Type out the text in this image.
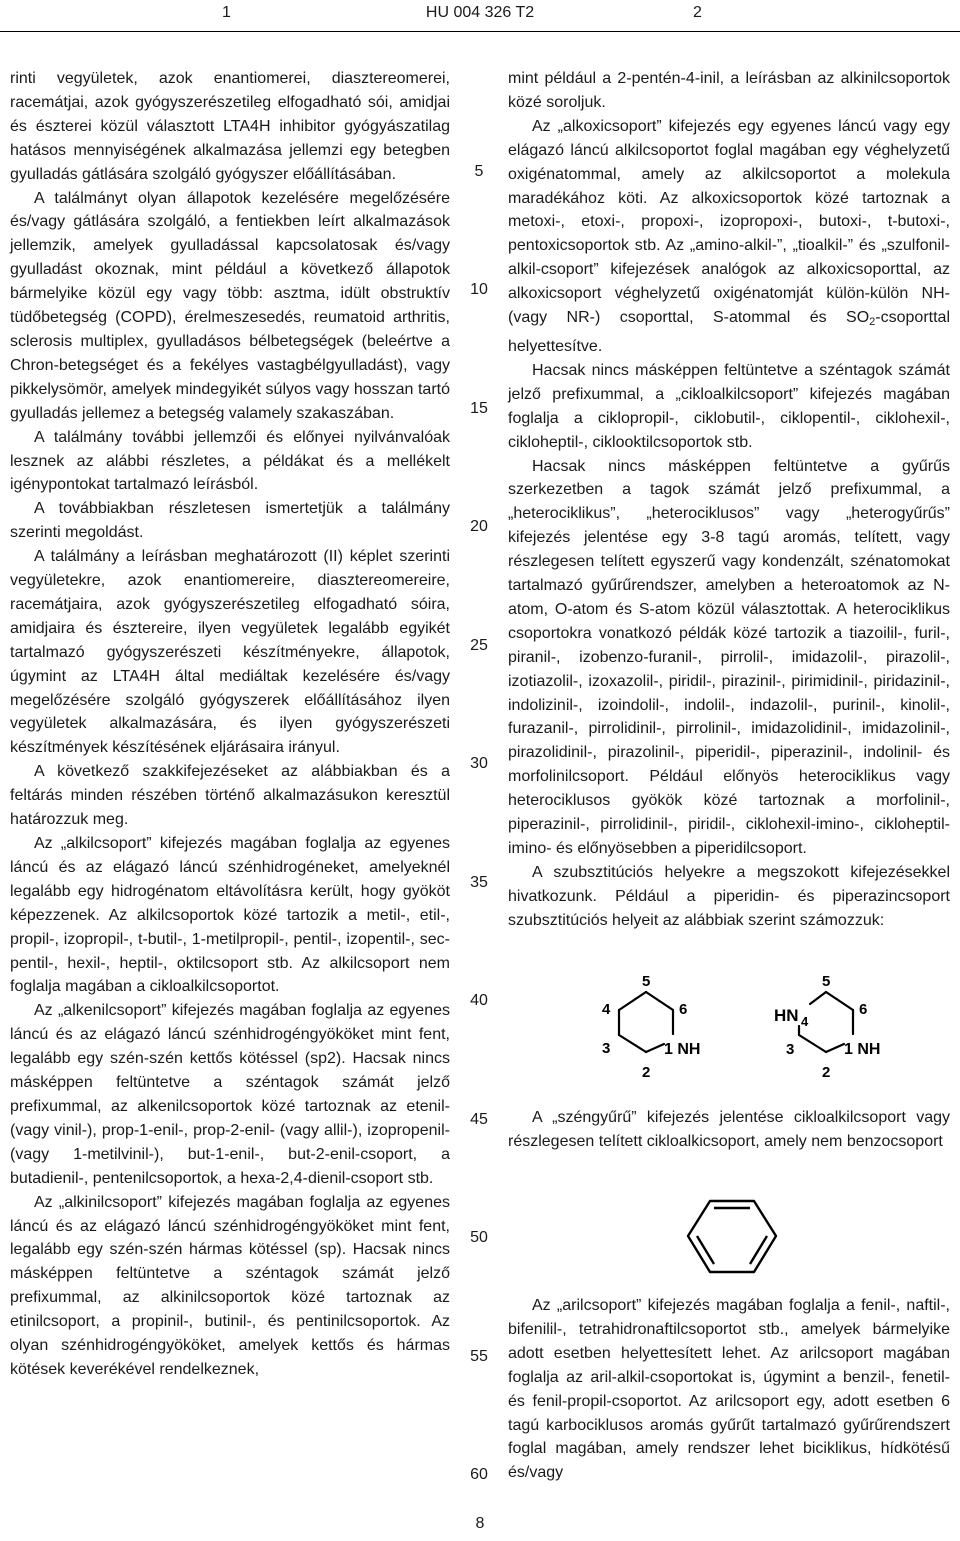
1	HU 004 326 T2	2

rinti vegyületek, azok enantiomerei, diasztereomerei, racemátjai, azok gyógyszerészetileg elfogadható sói, amidjai és észterei közül választott LTA4H inhibitor gyógyászatilag hatásos mennyiségének alkalmazása jellemzi egy betegben gyulladás gátlására szolgáló gyógyszer előállításában.

A találmányt olyan állapotok kezelésére megelőzésére és/vagy gátlására szolgáló, a fentiekben leírt alkalmazások jellemzik, amelyek gyulladással kapcsolatosak és/vagy gyulladást okoznak, mint például a következő állapotok bármelyike közül egy vagy több: asztma, idült obstruktív tüdőbetegség (COPD), érelmeszesedés, reumatoid arthritis, sclerosis multiplex, gyulladásos bélbetegségek (beleértve a Chron-betegséget és a fekélyes vastagbélgyulladást), vagy pikkelysömör, amelyek mindegyikét súlyos vagy hosszan tartó gyulladás jellemez a betegség valamely szakaszában.

A találmány további jellemzői és előnyei nyilvánvalóak lesznek az alábbi részletes, a példákat és a mellékelt igénypontokat tartalmazó leírásból.

A továbbiakban részletesen ismertetjük a találmány szerinti megoldást.

A találmány a leírásban meghatározott (II) képlet szerinti vegyületekre, azok enantiomereire, diasztereomereire, racemátjaira, azok gyógyszerészetileg elfogadható sóira, amidjaira és észtereire, ilyen vegyületek legalább egyikét tartalmazó gyógyszerészeti készítményekre, állapotok, úgymint az LTA4H által mediáltak kezelésére és/vagy megelőzésére szolgáló gyógyszerek előállításához ilyen vegyületek alkalmazására, és ilyen gyógyszerészeti készítmények készítésének eljárásaira irányul.

A következő szakkifejezéseket az alábbiakban és a feltárás minden részében történő alkalmazásukon keresztül határozzuk meg.

Az „alkilcsoport” kifejezés magában foglalja az egyenes láncú és az elágazó láncú szénhidrogéneket, amelyeknél legalább egy hidrogénatom eltávolításra került, hogy gyököt képezzenek. Az alkilcsoportok közé tartozik a metil-, etil-, propil-, izopropil-, t-butil-, 1-metilpropil-, pentil-, izopentil-, sec-pentil-, hexil-, heptil-, oktilcsoport stb. Az alkilcsoport nem foglalja magában a cikloalkilcsoportot.

Az „alkenilcsoport” kifejezés magában foglalja az egyenes láncú és az elágazó láncú szénhidrogéngyököket mint fent, legalább egy szén-szén kettős kötéssel (sp2). Hacsak nincs másképpen feltüntetve a széntagok számát jelző prefixummal, az alkenilcsoportok közé tartoznak az etenil- (vagy vinil-), prop-1-enil-, prop-2-enil- (vagy allil-), izopropenil- (vagy 1-metilvinil-), but-1-enil-, but-2-enil-csoport, a butadienil-, pentenilcsoportok, a hexa-2,4-dienil-csoport stb.

Az „alkinilcsoport” kifejezés magában foglalja az egyenes láncú és az elágazó láncú szénhidrogéngyököket mint fent, legalább egy szén-szén hármas kötéssel (sp). Hacsak nincs másképpen feltüntetve a széntagok számát jelző prefixummal, az alkinilcsoportok közé tartoznak az etinilcsoport, a propinil-, butinil-, és pentinilcsoportok. Az olyan szénhidrogéngyököket, amelyek kettős és hármas kötések keverékével rendelkeznek,

5
10
15
20
25
30
35
40
45
50
55
60

mint például a 2-pentén-4-inil, a leírásban az alkinilcsoportok közé soroljuk.

Az „alkoxicsoport” kifejezés egy egyenes láncú vagy egy elágazó láncú alkilcsoportot foglal magában egy véghelyzetű oxigénatommal, amely az alkilcsoportot a molekula maradékához köti. Az alkoxicsoportok közé tartoznak a metoxi-, etoxi-, propoxi-, izopropoxi-, butoxi-, t-butoxi-, pentoxicsoportok stb. Az „amino-alkil-”, „tioalkil-” és „szulfonil-alkil-csoport” kifejezések analógok az alkoxicsoporttal, az alkoxicsoport véghelyzetű oxigénatomját külön-külön NH- (vagy NR-) csoporttal, S-atommal és $SO_2$-csoporttal helyettesítve.

Hacsak nincs másképpen feltüntetve a széntagok számát jelző prefixummal, a „cikloalkilcsoport” kifejezés magában foglalja a ciklopropil-, ciklobutil-, ciklopentil-, ciklohexil-, cikloheptil-, ciklooktilcsoportok stb.

Hacsak nincs másképpen feltüntetve a gyűrűs szerkezetben a tagok számát jelző prefixummal, a „heterociklikus”, „heterociklusos” vagy „heterogyűrűs” kifejezés jelentése egy 3-8 tagú aromás, telített, vagy részlegesen telített egyszerű vagy kondenzált, szénatomokat tartalmazó gyűrűrendszer, amelyben a heteroatomok az N-atom, O-atom és S-atom közül választottak. A heterociklikus csoportokra vonatkozó példák közé tartozik a tiazoilil-, furil-, piranil-, izobenzo-furanil-, pirrolil-, imidazolil-, pirazolil-, izotiazolil-, izoxazolil-, piridil-, pirazinil-, pirimidinil-, piridazinil-, indolizinil-, izoindolil-, indolil-, indazolil-, purinil-, kinolil-, furazanil-, pirrolidinil-, pirrolinil-, imidazolidinil-, imidazolinil-, pirazolidinil-, pirazolinil-, piperidil-, piperazinil-, indolinil- és morfolinilcsoport. Például előnyös heterociklikus vagy heterociklusos gyökök közé tartoznak a morfolinil-, piperazinil-, pirrolidinil-, piridil-, ciklohexil-imino-, cikloheptil-imino- és előnyösebben a piperidilcsoport.

A szubsztitúciós helyekre a megszokott kifejezésekkel hivatkozunk. Például a piperidin- és piperazincsoport szubsztitúciós helyeit az alábbiak szerint számozzuk:

5
4	6
3	1 NH
2
5
HN 4
6
3	1 NH
2

A „széngyűrű” kifejezés jelentése cikloalkilcsoport vagy részlegesen telített cikloalkicsoport, amely nem benzocsoport

Az „arilcsoport” kifejezés magában foglalja a fenil-, naftil-, bifenilil-, tetrahidronaftilcsoportot stb., amelyek bármelyike adott esetben helyettesített lehet. Az arilcsoport magában foglalja az aril-alkil-csoportokat is, úgymint a benzil-, fenetil- és fenil-propil-csoportot. Az arilcsoport egy, adott esetben 6 tagú karbociklusos aromás gyűrűt tartalmazó gyűrűrendszert foglal magában, amely rendszer lehet biciklikus, hídkötésű és/vagy

8
